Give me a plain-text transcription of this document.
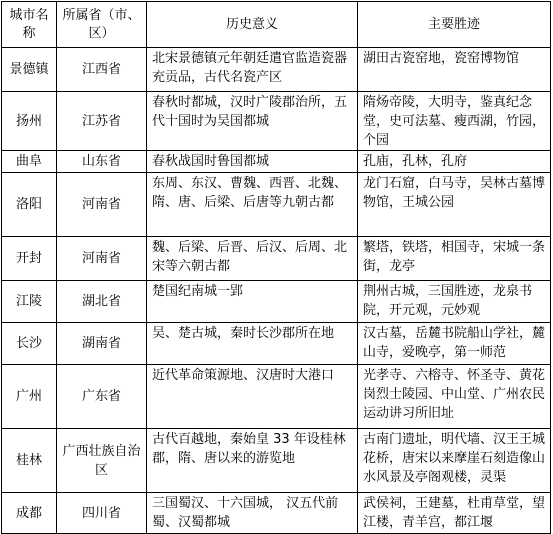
城市名称	所属省（市、区）	历史意义	主要胜迹
景德镇	江西省	北宋景德镇元年朝廷遣官监造瓷器充贡品，古代名瓷产区	湖田古瓷窑地，瓷窑博物馆
扬州	江苏省	春秋时都城，汉时广陵郡治所，五代十国时为吴国都城	隋炀帝陵，大明寺，鉴真纪念堂，史可法墓、瘦西湖，竹园，个园
曲阜	山东省	春秋战国时鲁国都城	孔庙，孔林，孔府
洛阳	河南省	东周、东汉、曹魏、西晋、北魏、隋、唐、后梁、后唐等九朝古都	龙门石窟，白马寺，吴林古墓博物馆，王城公园
开封	河南省	魏、后梁、后晋、后汉、后周、北宋等六朝古都	繁塔，铁塔，相国寺，宋城一条街，龙亭
江陵	湖北省	楚国纪南城一郢	荆州古城，三国胜迹，龙泉书院，开元观，元妙观
长沙	湖南省	吴、楚古城，秦时长沙郡所在地	汉古墓，岳麓书院船山学社，麓山寺，爱晚亭，第一师范
广州	广东省	近代革命策源地、汉唐时大港口	光孝寺、六榕寺、怀圣寺、黄花岗烈士陵园、中山堂、广州农民运动讲习所旧址
桂林	广西壮族自治区	古代百越地，秦始皇 33 年设桂林郡，隋、唐以来的游览地	古南门遗址，明代墙、汉王王城花桥，唐宋以来摩崖石刻造像山水风景及亭阁观楼，灵渠
成都	四川省	三国蜀汉、十六国城， 汉五代前蜀、汉蜀都城	武侯祠，王建墓，杜甫草堂，望江楼，青羊宫，都江堰
